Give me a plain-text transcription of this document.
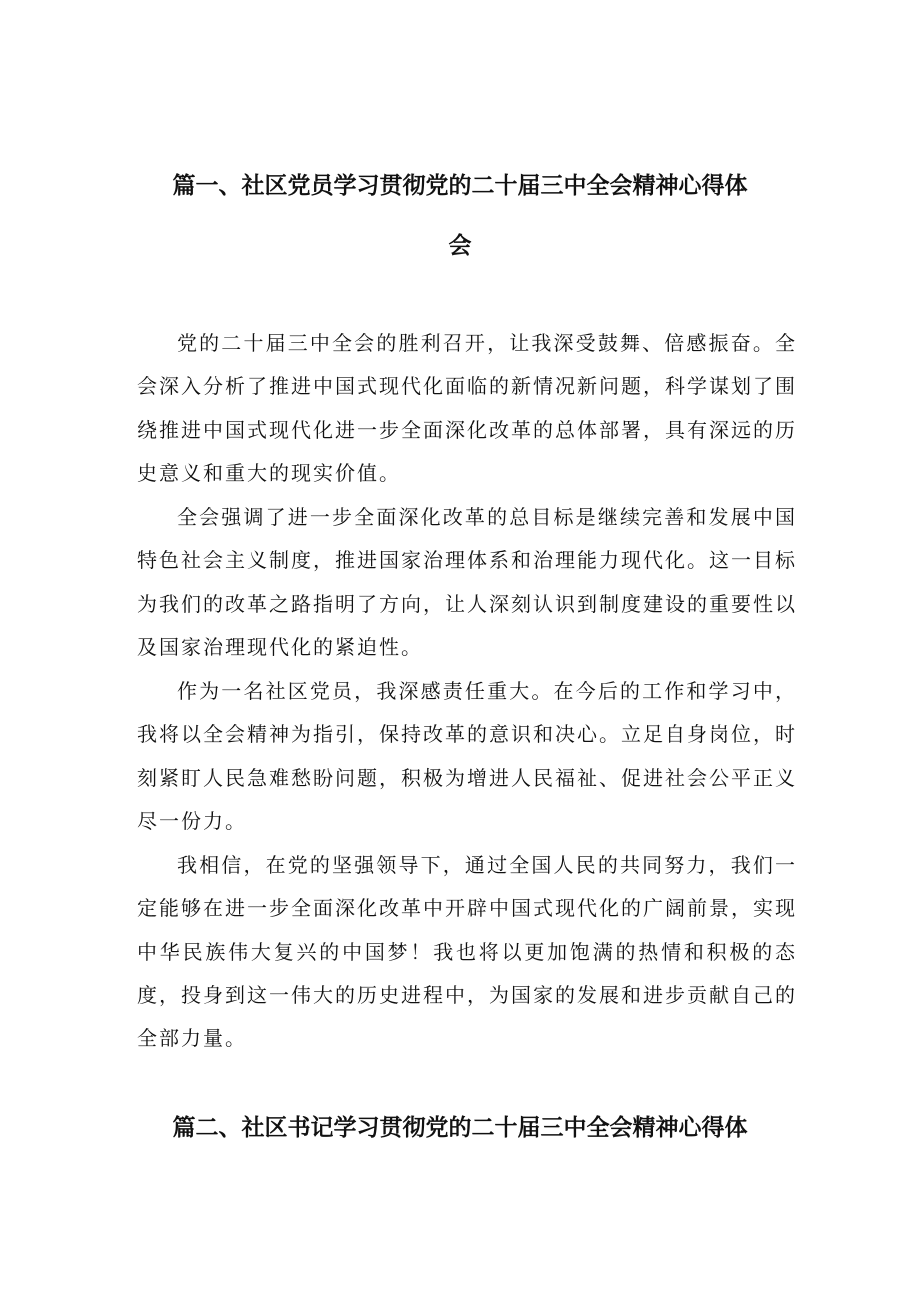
篇一、社区党员学习贯彻党的二十届三中全会精神心得体
会

党的二十届三中全会的胜利召开，让我深受鼓舞、倍感振奋。全会深入分析了推进中国式现代化面临的新情况新问题，科学谋划了围绕推进中国式现代化进一步全面深化改革的总体部署，具有深远的历史意义和重大的现实价值。

全会强调了进一步全面深化改革的总目标是继续完善和发展中国特色社会主义制度，推进国家治理体系和治理能力现代化。这一目标为我们的改革之路指明了方向，让人深刻认识到制度建设的重要性以及国家治理现代化的紧迫性。

作为一名社区党员，我深感责任重大。在今后的工作和学习中，我将以全会精神为指引，保持改革的意识和决心。立足自身岗位，时刻紧盯人民急难愁盼问题，积极为增进人民福祉、促进社会公平正义尽一份力。

我相信，在党的坚强领导下，通过全国人民的共同努力，我们一定能够在进一步全面深化改革中开辟中国式现代化的广阔前景，实现中华民族伟大复兴的中国梦！我也将以更加饱满的热情和积极的态度，投身到这一伟大的历史进程中，为国家的发展和进步贡献自己的全部力量。

篇二、社区书记学习贯彻党的二十届三中全会精神心得体
